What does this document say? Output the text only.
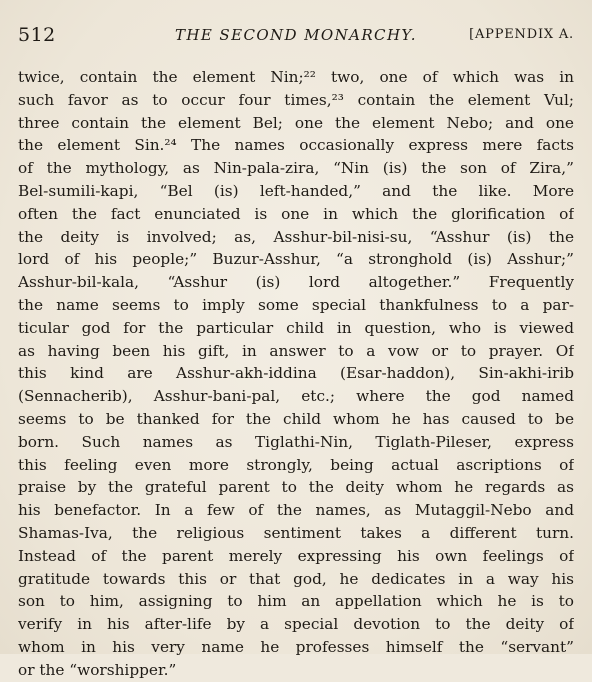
512	THE SECOND MONARCHY.	[APPENDIX A.
twice, contain the element Nin;²² two, one of which was in
such favor as to occur four times,²³ contain the element Vul;
three contain the element Bel; one the element Nebo; and one
the element Sin.²⁴ The names occasionally express mere facts
of the mythology, as Nin-pala-zira, “Nin (is) the son of Zira,”
Bel-sumili-kapi, “Bel (is) left-handed,” and the like. More
often the fact enunciated is one in which the glorification of
the deity is involved; as, Asshur-bil-nisi-su, “Asshur (is) the
lord of his people;” Buzur-Asshur, “a stronghold (is) Asshur;”
Asshur-bil-kala, “Asshur (is) lord altogether.” Frequently
the name seems to imply some special thankfulness to a par-
ticular god for the particular child in question, who is viewed
as having been his gift, in answer to a vow or to prayer. Of
this kind are Asshur-akh-iddina (Esar-haddon), Sin-akhi-irib
(Sennacherib), Asshur-bani-pal, etc.; where the god named
seems to be thanked for the child whom he has caused to be
born. Such names as Tiglathi-Nin, Tiglath-Pileser, express
this feeling even more strongly, being actual ascriptions of
praise by the grateful parent to the deity whom he regards as
his benefactor. In a few of the names, as Mutaggil-Nebo and
Shamas-Iva, the religious sentiment takes a different turn.
Instead of the parent merely expressing his own feelings of
gratitude towards this or that god, he dedicates in a way his
son to him, assigning to him an appellation which he is to
verify in his after-life by a special devotion to the deity of
whom in his very name he professes himself the “servant”
or the “worshipper.”
